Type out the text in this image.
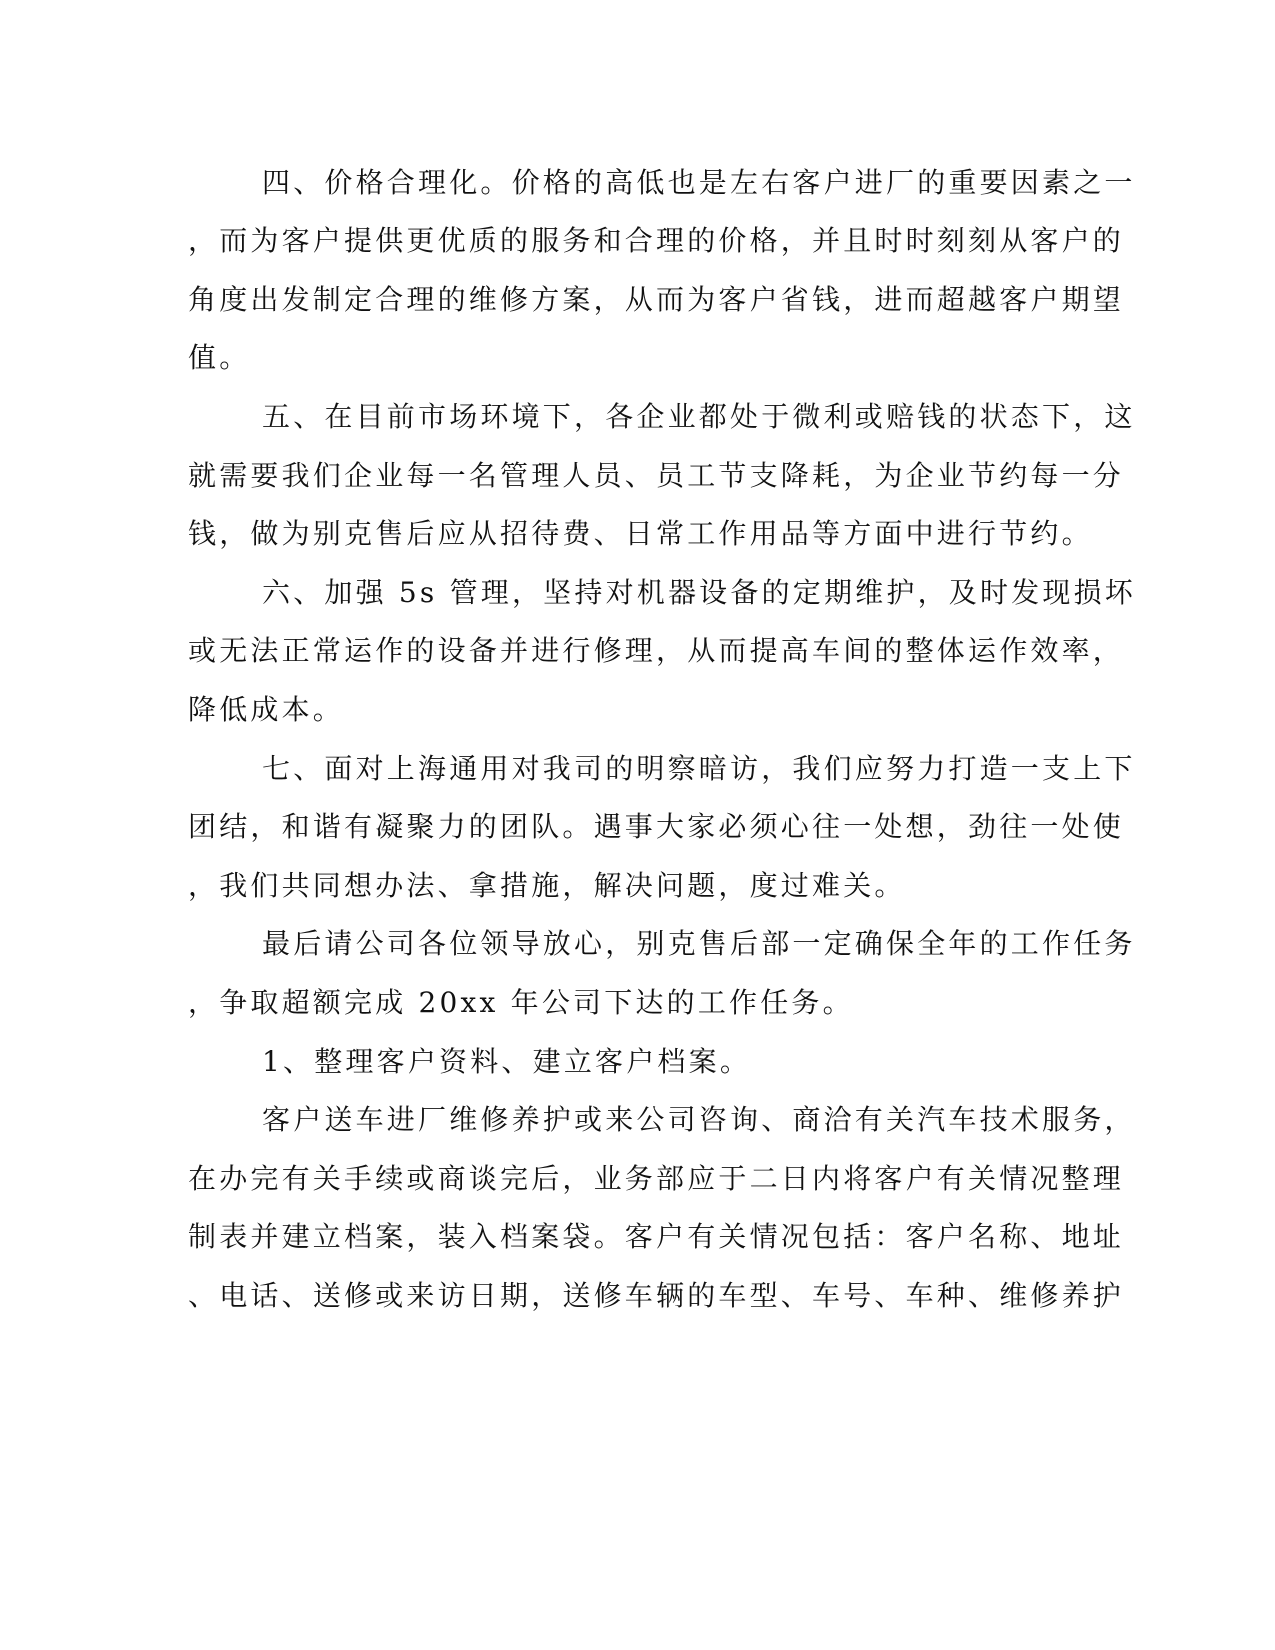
四、价格合理化。价格的高低也是左右客户进厂的重要因素之一
，而为客户提供更优质的服务和合理的价格，并且时时刻刻从客户的
角度出发制定合理的维修方案，从而为客户省钱，进而超越客户期望
值。
五、在目前市场环境下，各企业都处于微利或赔钱的状态下，这
就需要我们企业每一名管理人员、员工节支降耗，为企业节约每一分
钱，做为别克售后应从招待费、日常工作用品等方面中进行节约。
六、加强 5s 管理，坚持对机器设备的定期维护，及时发现损坏
或无法正常运作的设备并进行修理，从而提高车间的整体运作效率，
降低成本。
七、面对上海通用对我司的明察暗访，我们应努力打造一支上下
团结，和谐有凝聚力的团队。遇事大家必须心往一处想，劲往一处使
，我们共同想办法、拿措施，解决问题，度过难关。
最后请公司各位领导放心，别克售后部一定确保全年的工作任务
，争取超额完成 20xx 年公司下达的工作任务。
1、整理客户资料、建立客户档案。
客户送车进厂维修养护或来公司咨询、商洽有关汽车技术服务，
在办完有关手续或商谈完后，业务部应于二日内将客户有关情况整理
制表并建立档案，装入档案袋。客户有关情况包括：客户名称、地址
、电话、送修或来访日期，送修车辆的车型、车号、车种、维修养护
